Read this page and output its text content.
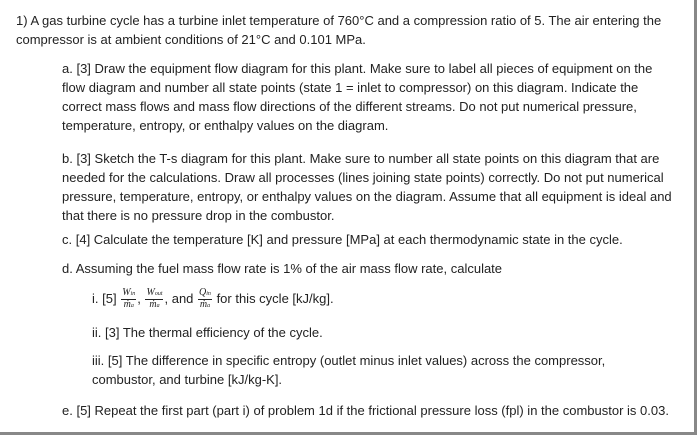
1) A gas turbine cycle has a turbine inlet temperature of 760°C and a compression ratio of 5. The air entering the compressor is at ambient conditions of 21°C and 0.101 MPa.
a. [3] Draw the equipment flow diagram for this plant. Make sure to label all pieces of equipment on the flow diagram and number all state points (state 1 = inlet to compressor) on this diagram. Indicate the correct mass flows and mass flow directions of the different streams. Do not put numerical pressure, temperature, entropy, or enthalpy values on the diagram.
b. [3] Sketch the T-s diagram for this plant. Make sure to number all state points on this diagram that are needed for the calculations. Draw all processes (lines joining state points) correctly. Do not put numerical pressure, temperature, entropy, or enthalpy values on the diagram. Assume that all equipment is ideal and that there is no pressure drop in the combustor.
c. [4] Calculate the temperature [K] and pressure [MPa] at each thermodynamic state in the cycle.
d. Assuming the fuel mass flow rate is 1% of the air mass flow rate, calculate
i. $[5] \frac{\text{Win}}{\text{ṁa}}$ , $\frac{\text{Wout}}{\text{ṁa}}$ , and $\frac{\text{Qin}}{\text{ṁa}}$ for this cycle [kJ/kg].
ii. [3] The thermal efficiency of the cycle.
iii. [5] The difference in specific entropy (outlet minus inlet values) across the compressor, combustor, and turbine [kJ/kg-K].
e. [5] Repeat the first part (part i) of problem 1d if the frictional pressure loss (fpl) in the combustor is 0.03.
